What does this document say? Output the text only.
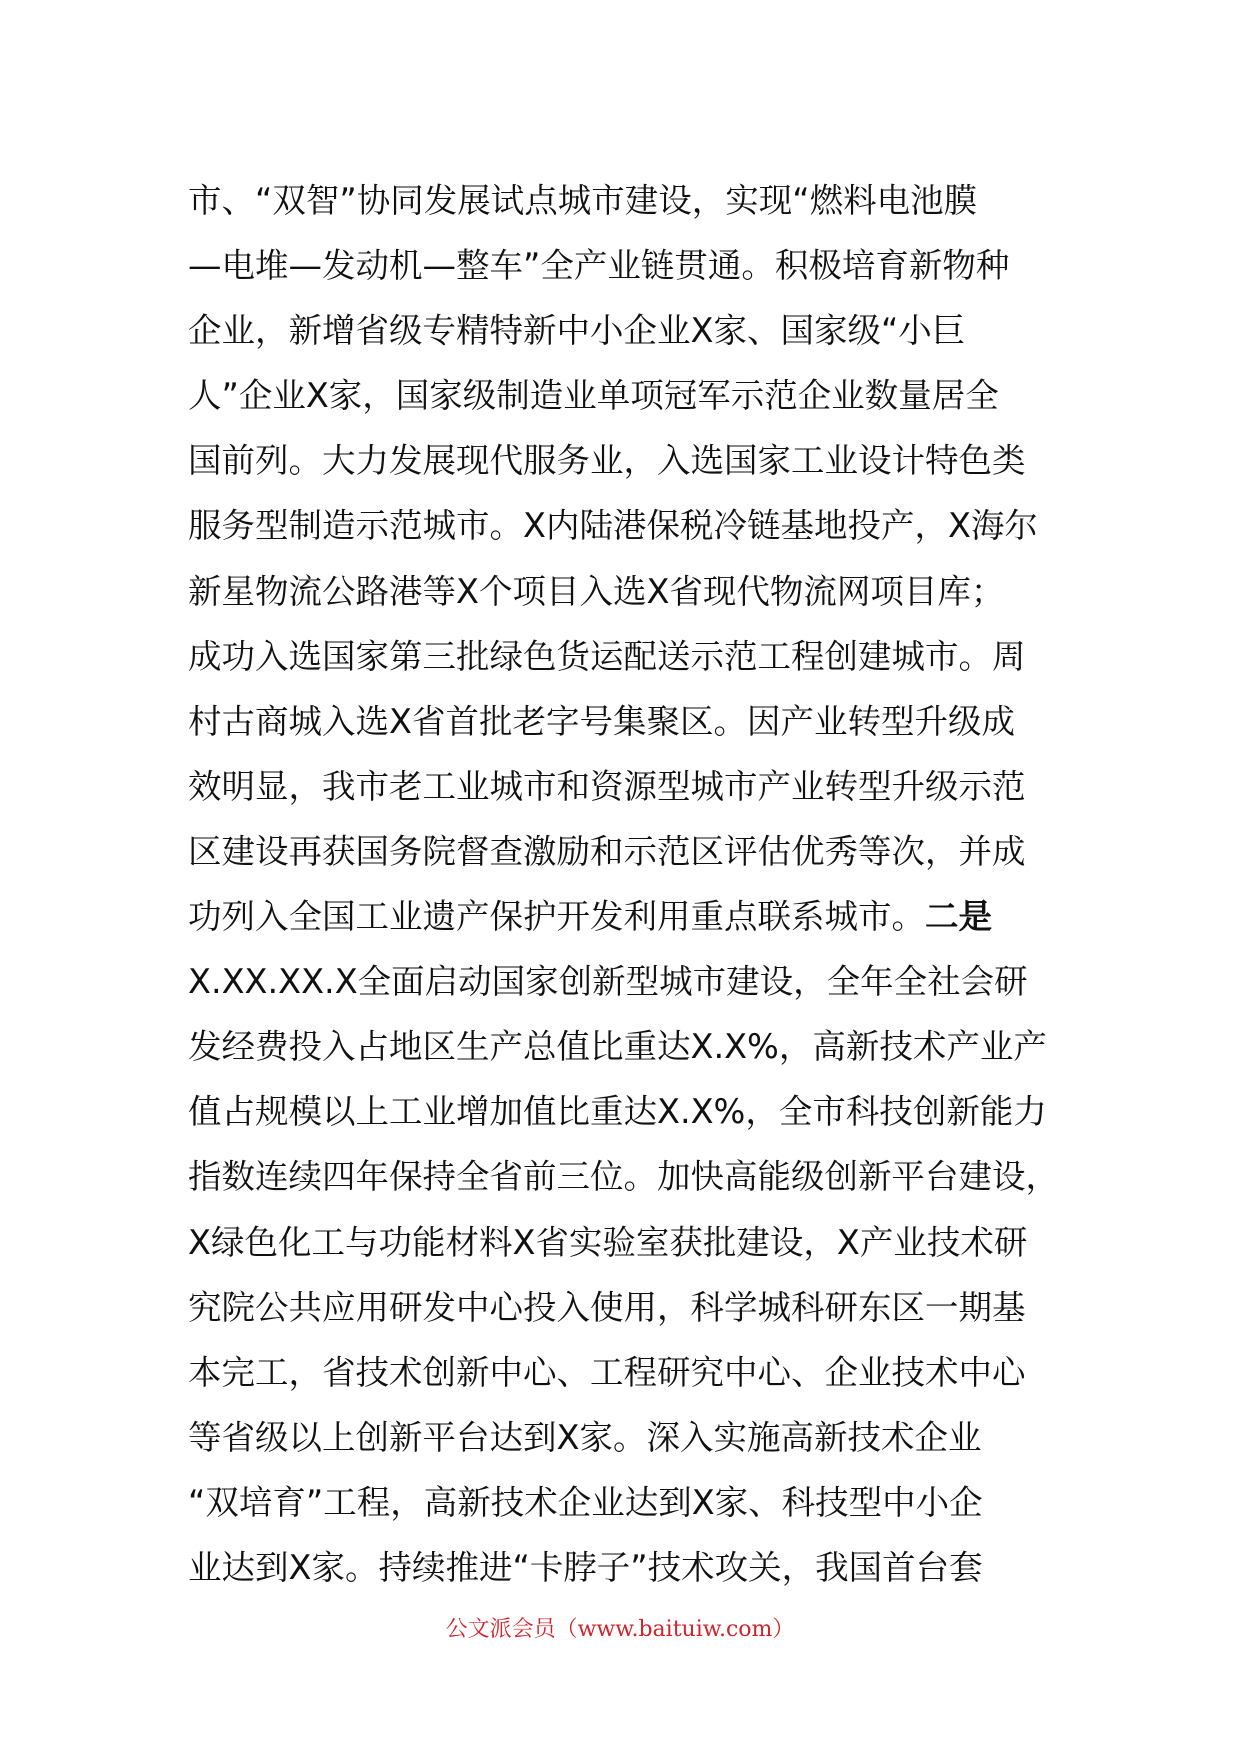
市、“双智”协同发展试点城市建设，实现“燃料电池膜
—电堆—发动机—整车”全产业链贯通。积极培育新物种
企业，新增省级专精特新中小企业X家、国家级“小巨
人”企业X家，国家级制造业单项冠军示范企业数量居全
国前列。大力发展现代服务业，入选国家工业设计特色类
服务型制造示范城市。X内陆港保税冷链基地投产，X海尔
新星物流公路港等X个项目入选X省现代物流网项目库；
成功入选国家第三批绿色货运配送示范工程创建城市。周
村古商城入选X省首批老字号集聚区。因产业转型升级成
效明显，我市老工业城市和资源型城市产业转型升级示范
区建设再获国务院督查激励和示范区评估优秀等次，并成
功列入全国工业遗产保护开发利用重点联系城市。二是
X.XX.XX.X全面启动国家创新型城市建设，全年全社会研
发经费投入占地区生产总值比重达X.X%，高新技术产业产
值占规模以上工业增加值比重达X.X%，全市科技创新能力
指数连续四年保持全省前三位。加快高能级创新平台建设，
X绿色化工与功能材料X省实验室获批建设，X产业技术研
究院公共应用研发中心投入使用，科学城科研东区一期基
本完工，省技术创新中心、工程研究中心、企业技术中心
等省级以上创新平台达到X家。深入实施高新技术企业
“双培育”工程，高新技术企业达到X家、科技型中小企
业达到X家。持续推进“卡脖子”技术攻关，我国首台套
公文派会员（www.baituiw.com）
